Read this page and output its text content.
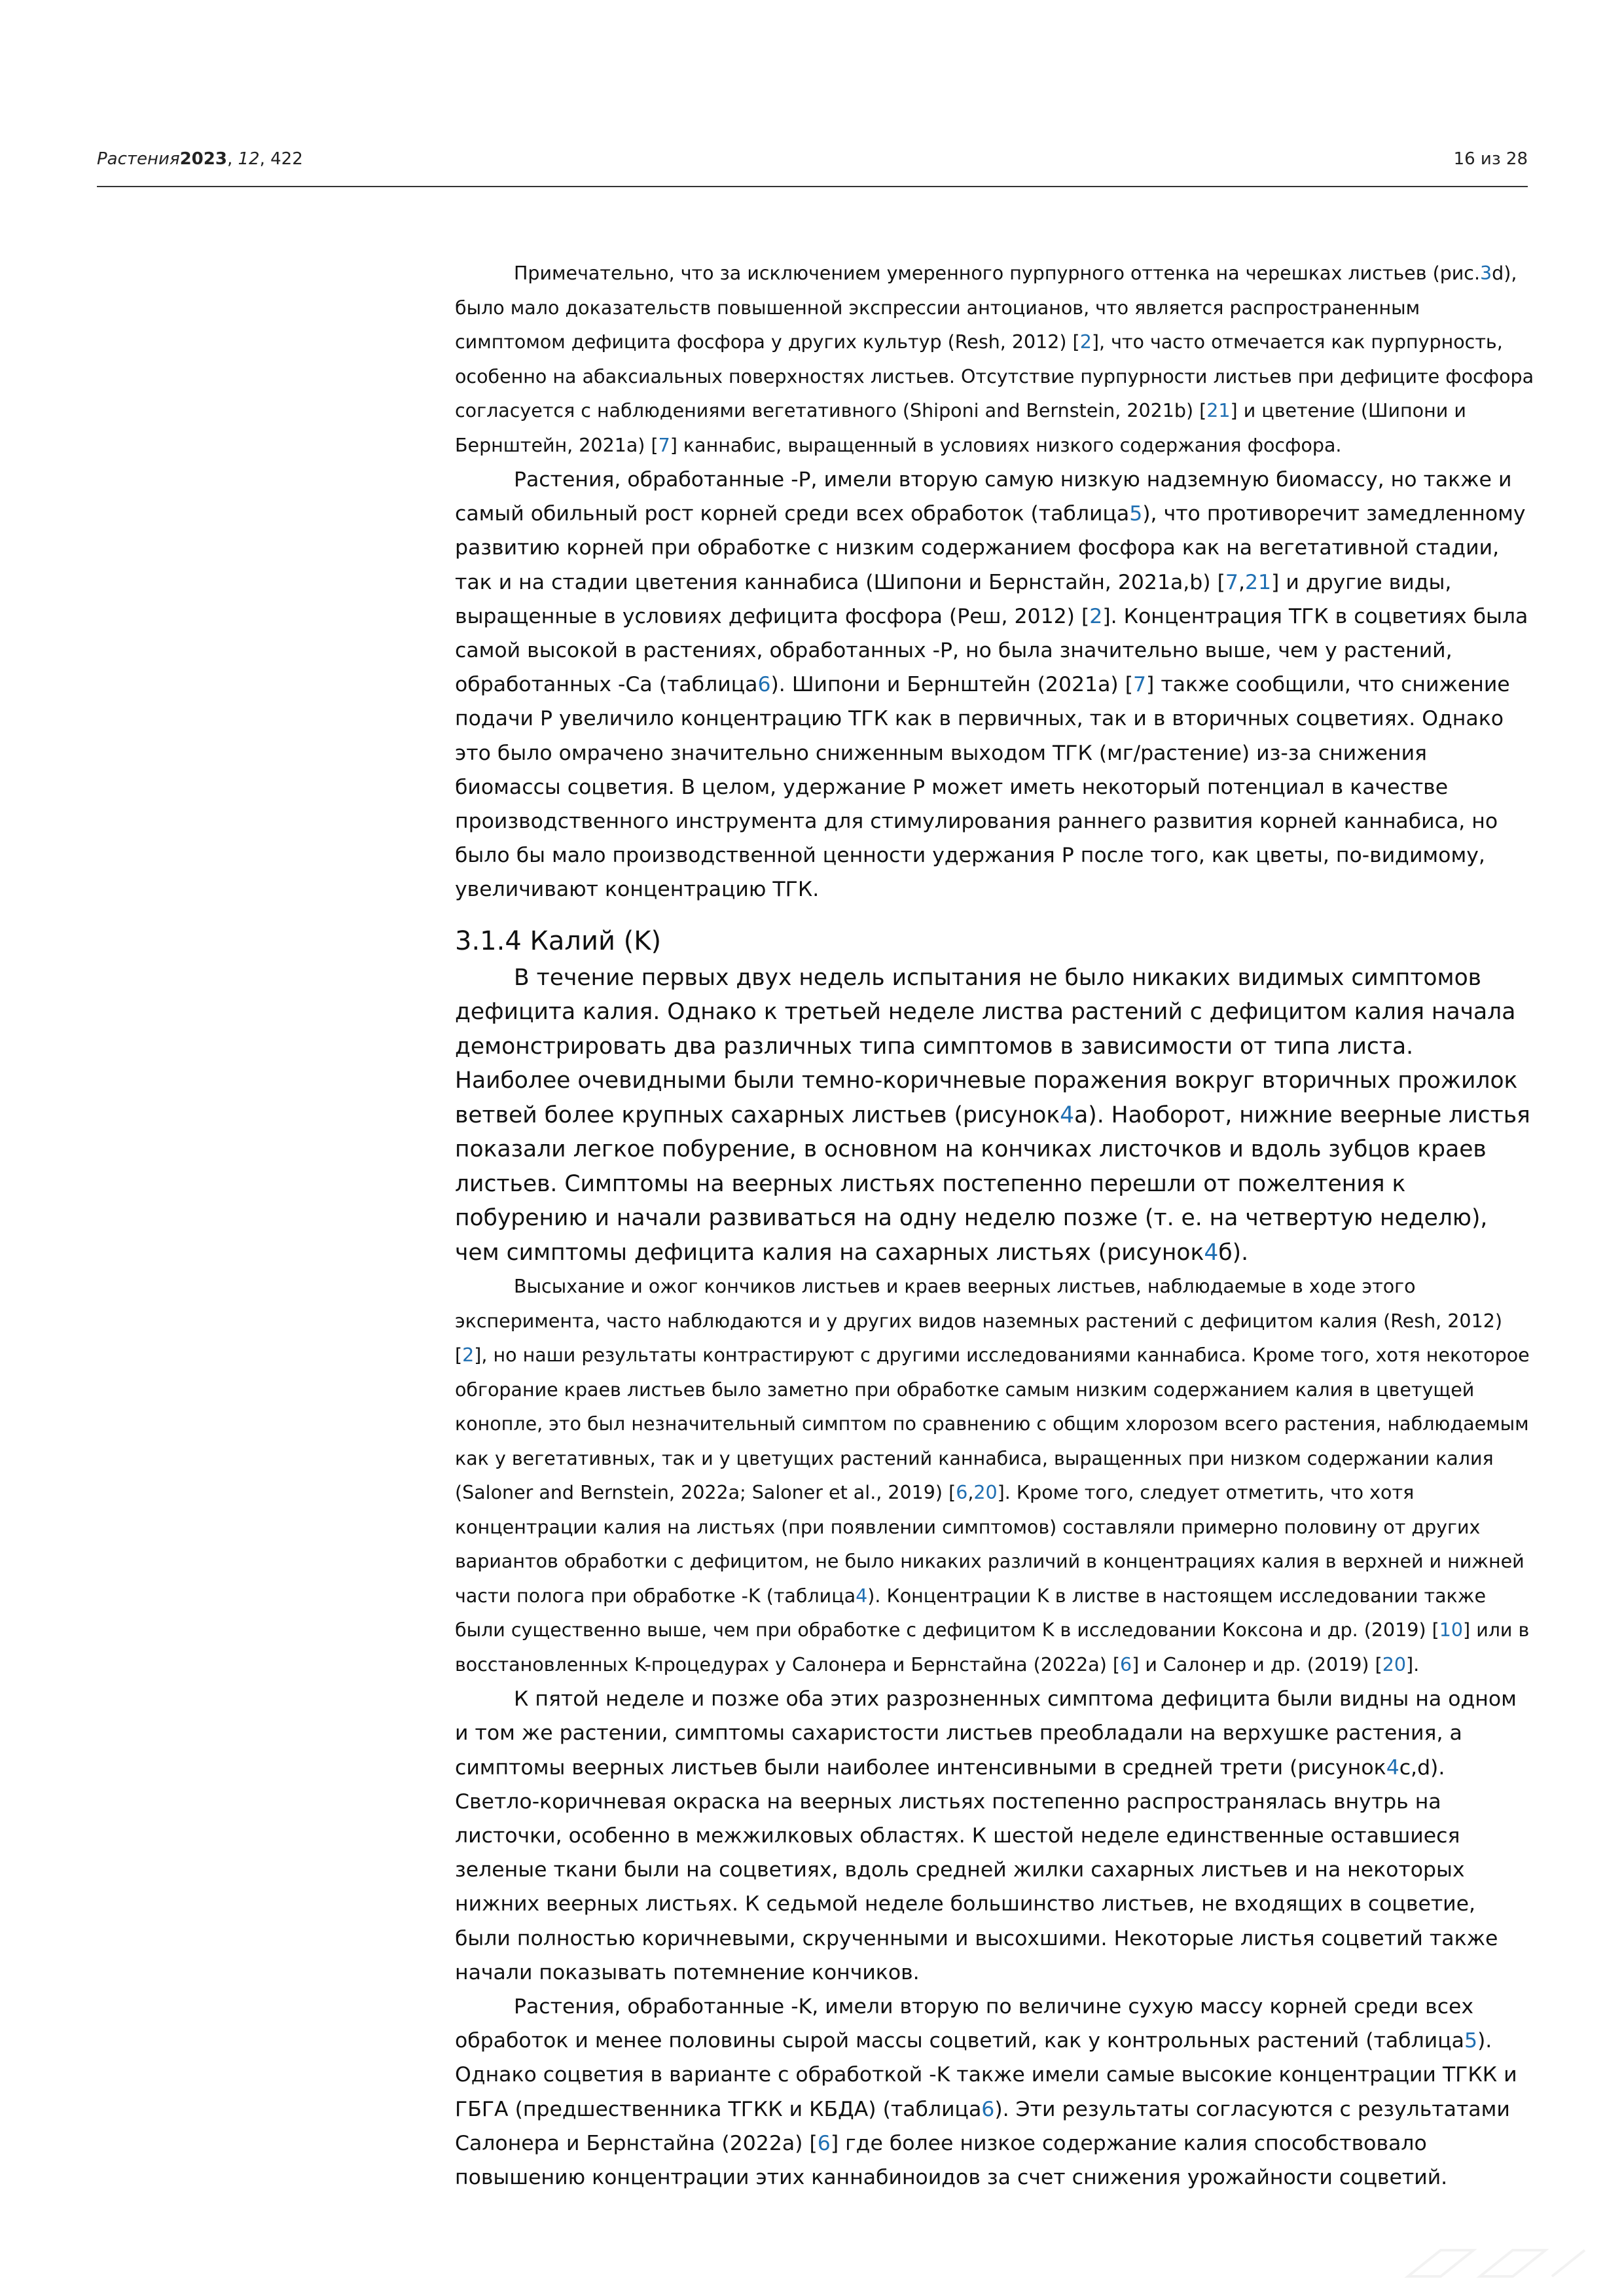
Растения2023, 12, 422	16 из 28

Примечательно, что за исключением умеренного пурпурного оттенка на черешках листьев (рис.3d), было мало доказательств повышенной экспрессии антоцианов, что является распространенным симптомом дефицита фосфора у других культур (Resh, 2012) [2], что часто отмечается как пурпурность, особенно на абаксиальных поверхностях листьев. Отсутствие пурпурности листьев при дефиците фосфора согласуется с наблюдениями вегетативного (Shiponi and Bernstein, 2021b) [21] и цветение (Шипони и Бернштейн, 2021a) [7] каннабис, выращенный в условиях низкого содержания фосфора.

Растения, обработанные -P, имели вторую самую низкую надземную биомассу, но также и самый обильный рост корней среди всех обработок (таблица5), что противоречит замедленному развитию корней при обработке с низким содержанием фосфора как на вегетативной стадии, так и на стадии цветения каннабиса (Шипони и Бернстайн, 2021a,b) [7,21] и другие виды, выращенные в условиях дефицита фосфора (Реш, 2012) [2]. Концентрация ТГК в соцветиях была самой высокой в растениях, обработанных -P, но была значительно выше, чем у растений, обработанных -Ca (таблица6). Шипони и Бернштейн (2021a) [7] также сообщили, что снижение подачи P увеличило концентрацию ТГК как в первичных, так и в вторичных соцветиях. Однако это было омрачено значительно сниженным выходом ТГК (мг/растение) из-за снижения биомассы соцветия. В целом, удержание P может иметь некоторый потенциал в качестве производственного инструмента для стимулирования раннего развития корней каннабиса, но было бы мало производственной ценности удержания P после того, как цветы, по-видимому, увеличивают концентрацию ТГК.

3.1.4 Калий (K)

В течение первых двух недель испытания не было никаких видимых симптомов дефицита калия. Однако к третьей неделе листва растений с дефицитом калия начала демонстрировать два различных типа симптомов в зависимости от типа листа. Наиболее очевидными были темно-коричневые поражения вокруг вторичных прожилок ветвей более крупных сахарных листьев (рисунок4а). Наоборот, нижние веерные листья показали легкое побурение, в основном на кончиках листочков и вдоль зубцов краев листьев. Симптомы на веерных листьях постепенно перешли от пожелтения к побурению и начали развиваться на одну неделю позже (т. е. на четвертую неделю), чем симптомы дефицита калия на сахарных листьях (рисунок4б).

Высыхание и ожог кончиков листьев и краев веерных листьев, наблюдаемые в ходе этого эксперимента, часто наблюдаются и у других видов наземных растений с дефицитом калия (Resh, 2012) [2], но наши результаты контрастируют с другими исследованиями каннабиса. Кроме того, хотя некоторое обгорание краев листьев было заметно при обработке самым низким содержанием калия в цветущей конопле, это был незначительный симптом по сравнению с общим хлорозом всего растения, наблюдаемым как у вегетативных, так и у цветущих растений каннабиса, выращенных при низком содержании калия (Saloner and Bernstein, 2022a; Saloner et al., 2019) [6,20]. Кроме того, следует отметить, что хотя концентрации калия на листьях (при появлении симптомов) составляли примерно половину от других вариантов обработки с дефицитом, не было никаких различий в концентрациях калия в верхней и нижней части полога при обработке -K (таблица4). Концентрации K в листве в настоящем исследовании также были существенно выше, чем при обработке с дефицитом K в исследовании Коксона и др. (2019) [10] или в восстановленных K-процедурах у Салонера и Бернстайна (2022a) [6] и Салонер и др. (2019) [20].

К пятой неделе и позже оба этих разрозненных симптома дефицита были видны на одном и том же растении, симптомы сахаристости листьев преобладали на верхушке растения, а симптомы веерных листьев были наиболее интенсивными в средней трети (рисунок4c,d). Светло-коричневая окраска на веерных листьях постепенно распространялась внутрь на листочки, особенно в межжилковых областях. К шестой неделе единственные оставшиеся зеленые ткани были на соцветиях, вдоль средней жилки сахарных листьев и на некоторых нижних веерных листьях. К седьмой неделе большинство листьев, не входящих в соцветие, были полностью коричневыми, скрученными и высохшими. Некоторые листья соцветий также начали показывать потемнение кончиков.

Растения, обработанные -K, имели вторую по величине сухую массу корней среди всех обработок и менее половины сырой массы соцветий, как у контрольных растений (таблица5). Однако соцветия в варианте с обработкой -K также имели самые высокие концентрации ТГКК и ГБГА (предшественника ТГКК и КБДА) (таблица6). Эти результаты согласуются с результатами Салонера и Бернстайна (2022a) [6] где более низкое содержание калия способствовало повышению концентрации этих каннабиноидов за счет снижения урожайности соцветий.
